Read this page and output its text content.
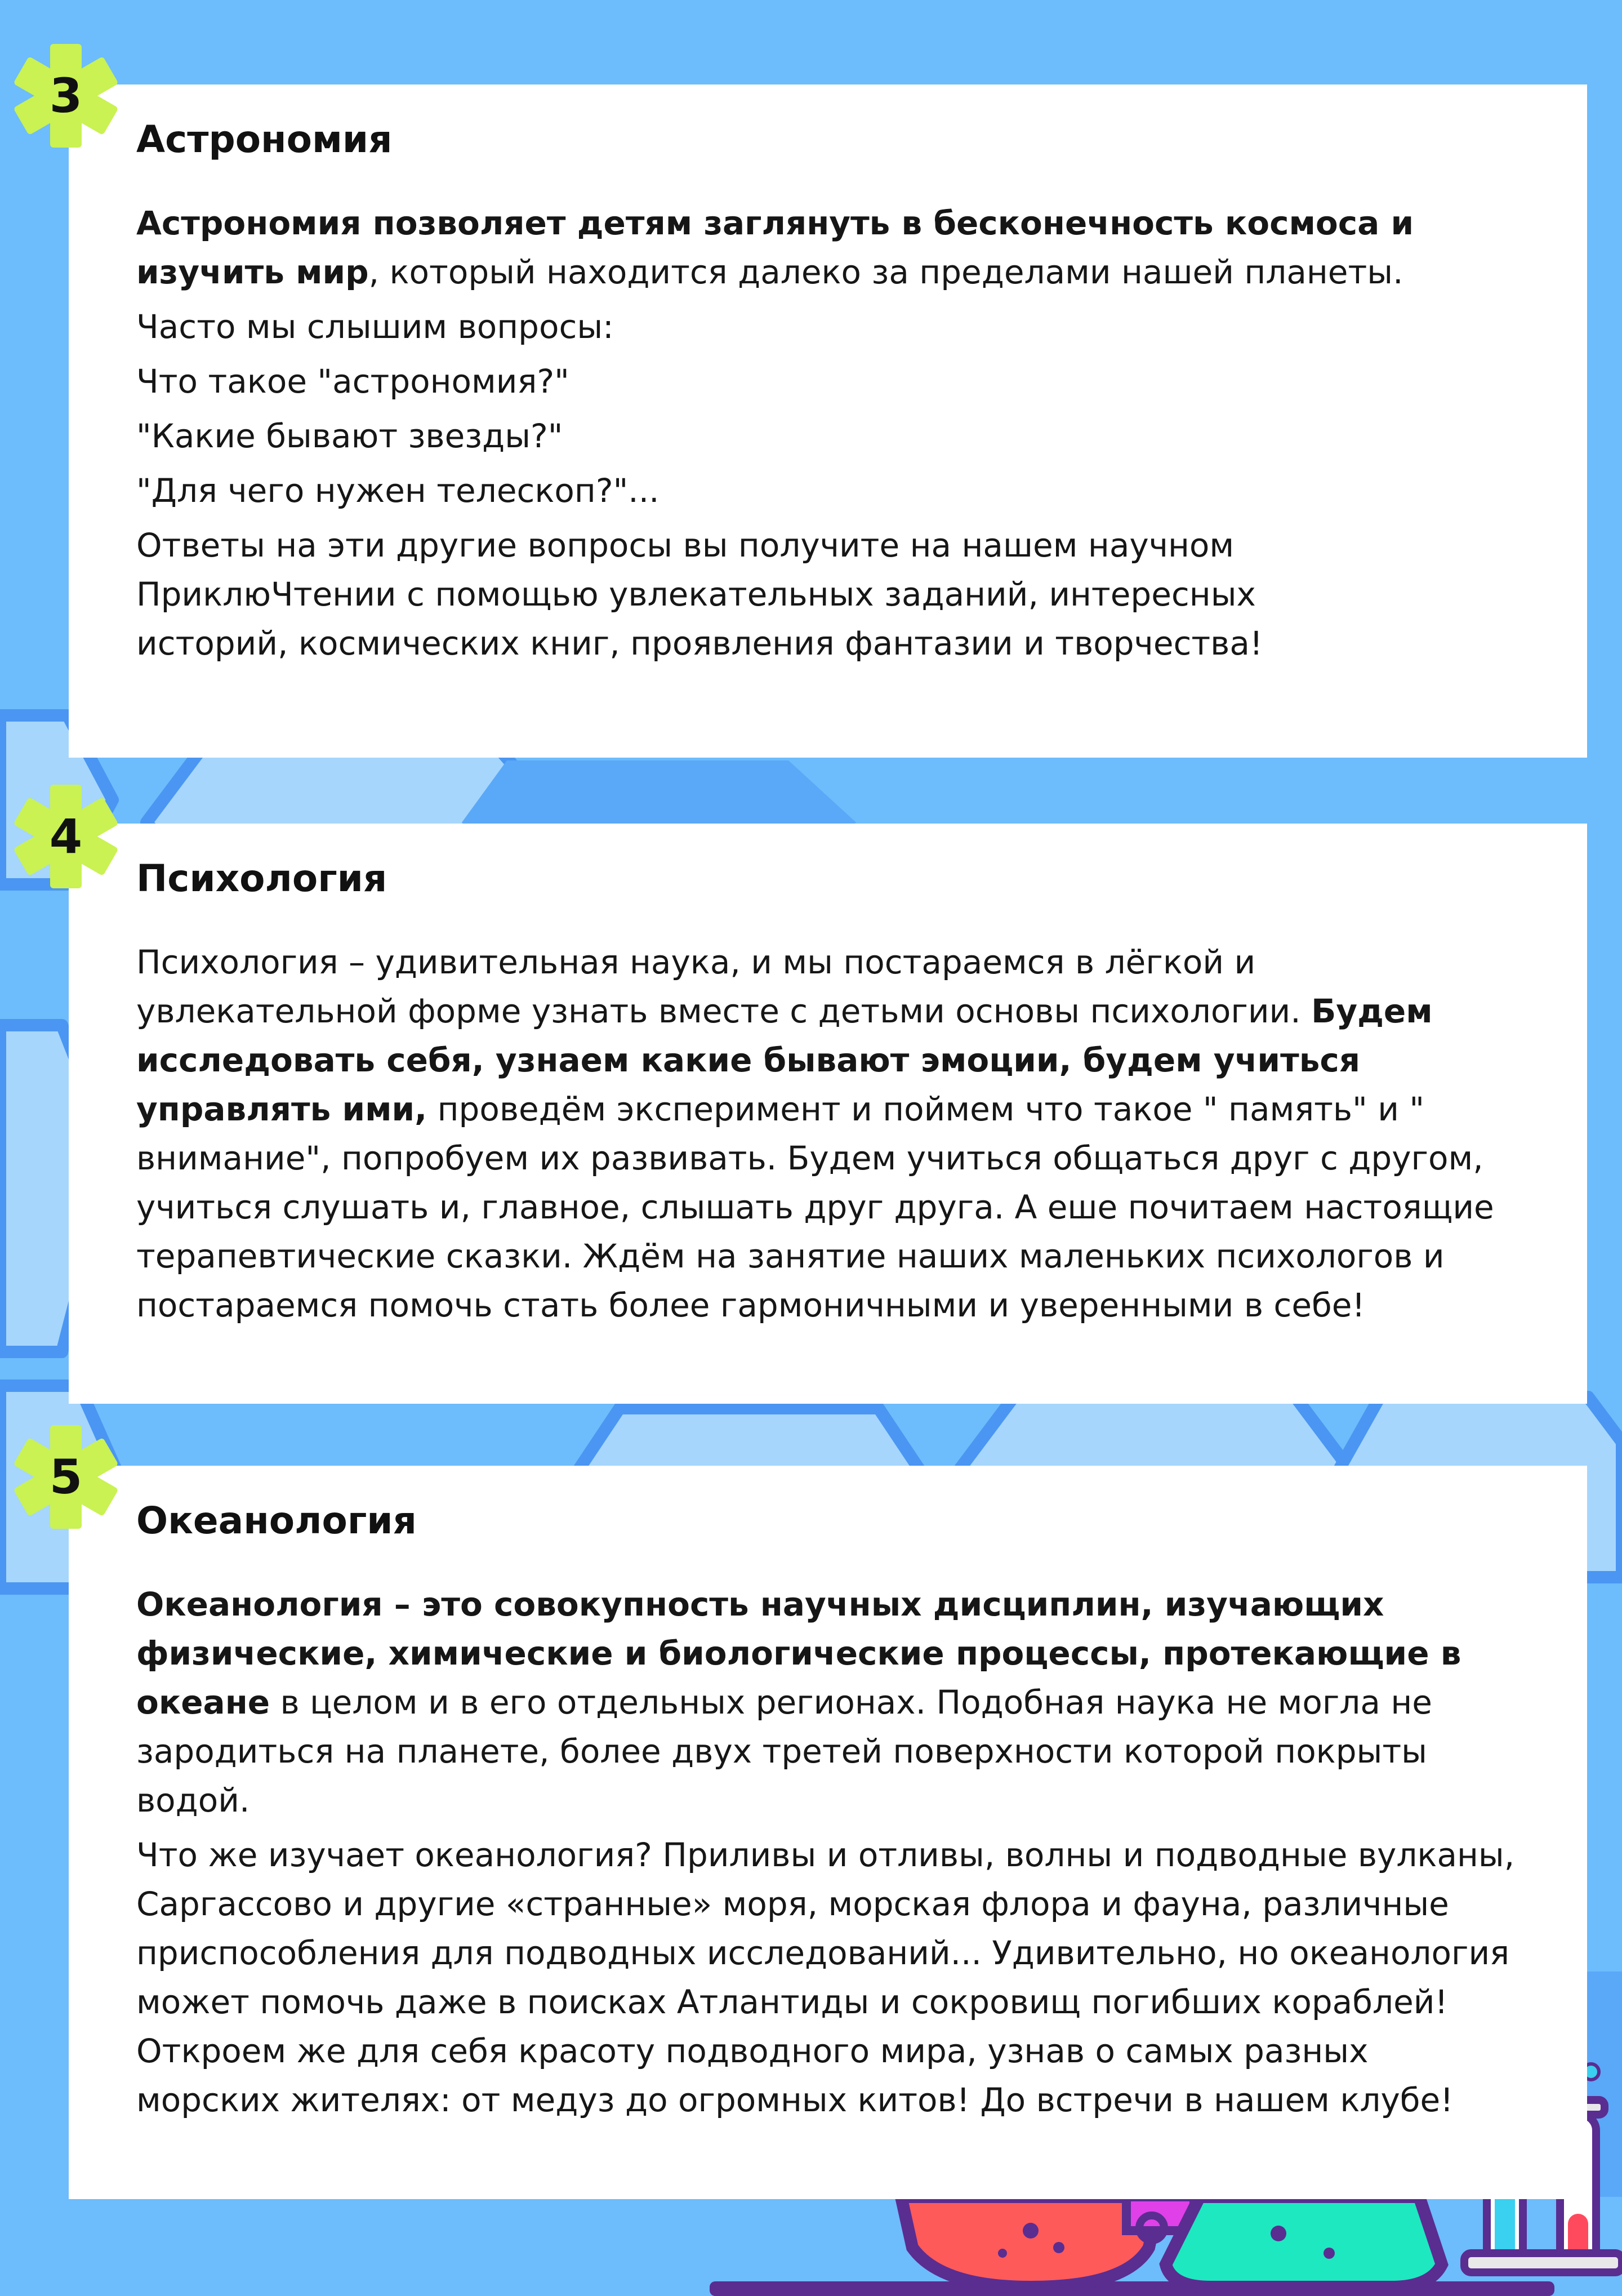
Астрономия

Астрономия позволяет детям заглянуть в бесконечность космоса и изучить мир, который находится далеко за пределами нашей планеты.

Часто мы слышим вопросы:

Что такое "астрономия?"

"Какие бывают звезды?"

"Для чего нужен телескоп?"...

Ответы на эти другие вопросы вы получите на нашем научном ПриклюЧтении с помощью увлекательных заданий, интересных историй, космических книг, проявления фантазии и творчества!

Психология

Психология – удивительная наука, и мы постараемся в лёгкой и увлекательной форме узнать вместе с детьми основы психологии. Будем исследовать себя, узнаем какие бывают эмоции, будем учиться управлять ими, проведём эксперимент и поймем что такое " память" и " внимание", попробуем их развивать. Будем учиться общаться друг с другом, учиться слушать и, главное, слышать друг друга. А еше почитаем настоящие терапевтические сказки. Ждём на занятие наших маленьких психологов и постараемся помочь стать более гармоничными и уверенными в себе!

Океанология

Океанология – это совокупность научных дисциплин, изучающих физические, химические и биологические процессы, протекающие в океане в целом и в его отдельных регионах. Подобная наука не могла не зародиться на планете, более двух третей поверхности которой покрыты водой.

Что же изучает океанология? Приливы и отливы, волны и подводные вулканы, Саргассово и другие «странные» моря, морская флора и фауна, различные приспособления для подводных исследований... Удивительно, но океанология может помочь даже в поисках Атлантиды и сокровищ погибших кораблей! Откроем же для себя красоту подводного мира, узнав о самых разных морских жителях: от медуз до огромных китов! До встречи в нашем клубе!

3
4
5
